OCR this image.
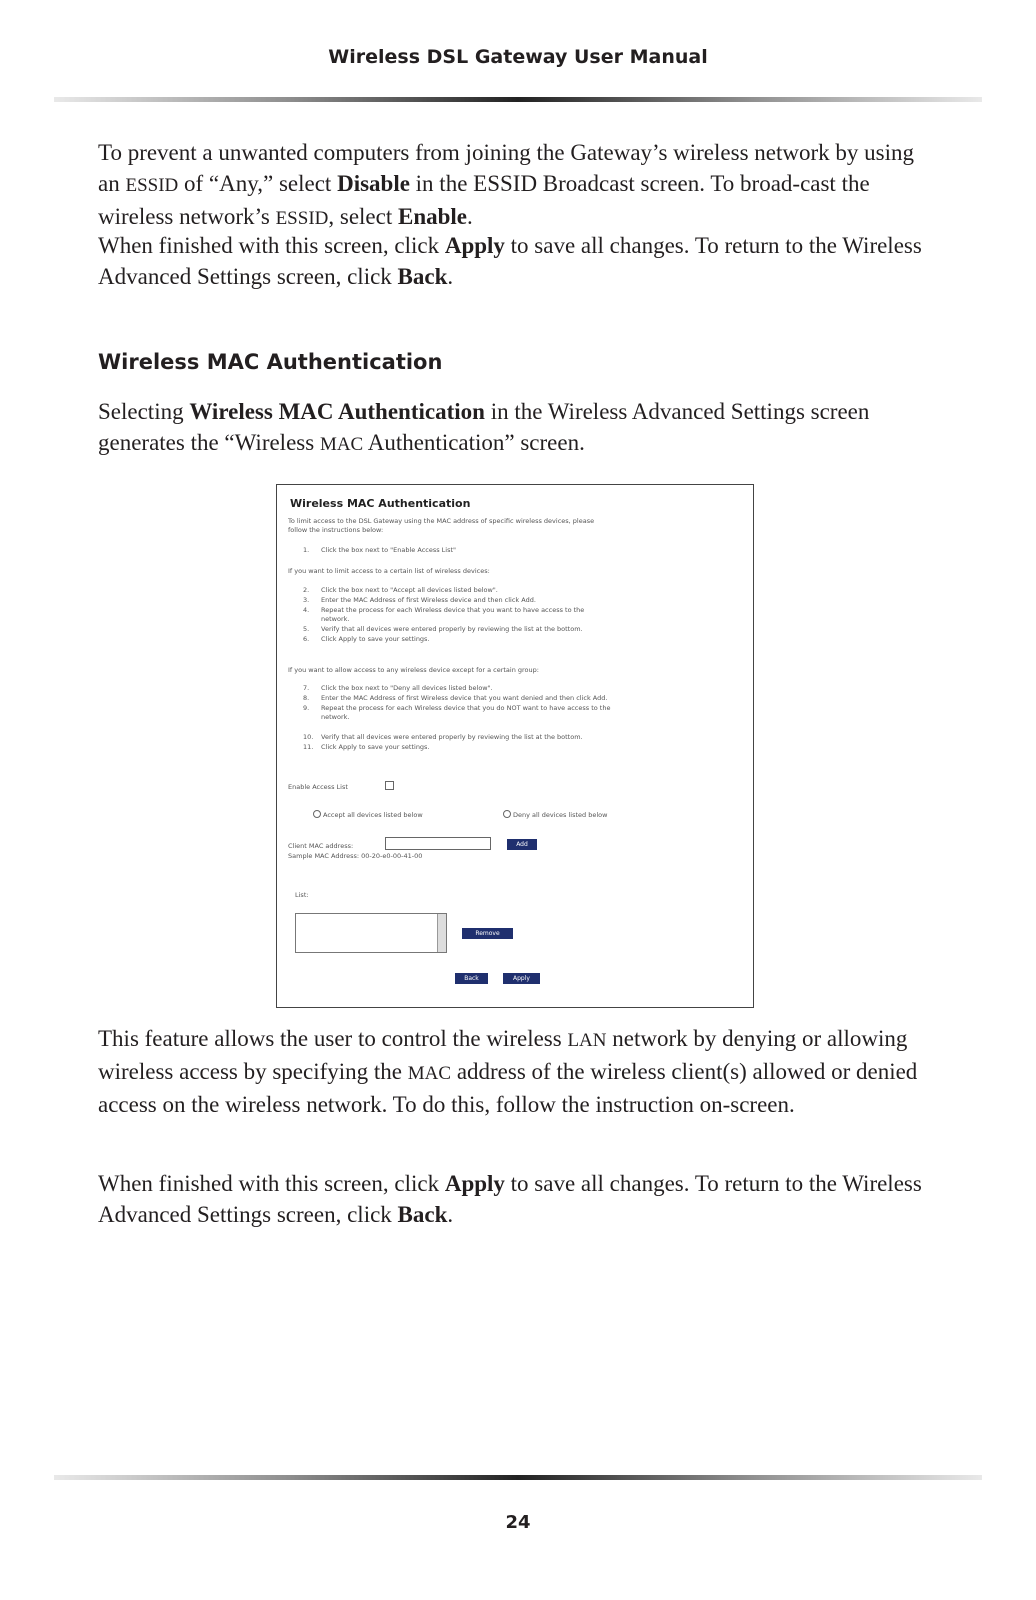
Wireless DSL Gateway User Manual

To prevent a unwanted computers from joining the Gateway’s wireless network by using an ESSID of “Any,” select Disable in the ESSID Broadcast screen. To broad-cast the wireless network’s ESSID, select Enable.

When finished with this screen, click Apply to save all changes. To return to the Wireless Advanced Settings screen, click Back.

Wireless MAC Authentication

Selecting Wireless MAC Authentication in the Wireless Advanced Settings screen generates the “Wireless MAC Authentication” screen.

Wireless MAC Authentication
To limit access to the DSL Gateway using the MAC address of specific wireless devices, please
follow the instructions below:
1. Click the box next to "Enable Access List"
If you want to limit access to a certain list of wireless devices:
2. Click the box next to "Accept all devices listed below".
3. Enter the MAC Address of first Wireless device and then click Add.
4. Repeat the process for each Wireless device that you want to have access to the
network.
5. Verify that all devices were entered properly by reviewing the list at the bottom.
6. Click Apply to save your settings.
If you want to allow access to any wireless device except for a certain group:
7. Click the box next to "Deny all devices listed below".
8. Enter the MAC Address of first Wireless device that you want denied and then click Add.
9. Repeat the process for each Wireless device that you do NOT want to have access to the
network.
10. Verify that all devices were entered properly by reviewing the list at the bottom.
11. Click Apply to save your settings.
Enable Access List
Accept all devices listed below	Deny all devices listed below
Client MAC address:	Add
Sample MAC Address: 00-20-e0-00-41-00
List:
Remove
Back	Apply

This feature allows the user to control the wireless LAN network by denying or allowing wireless access by specifying the MAC address of the wireless client(s) allowed or denied access on the wireless network. To do this, follow the instruction on-screen.

When finished with this screen, click Apply to save all changes. To return to the Wireless Advanced Settings screen, click Back.

24
